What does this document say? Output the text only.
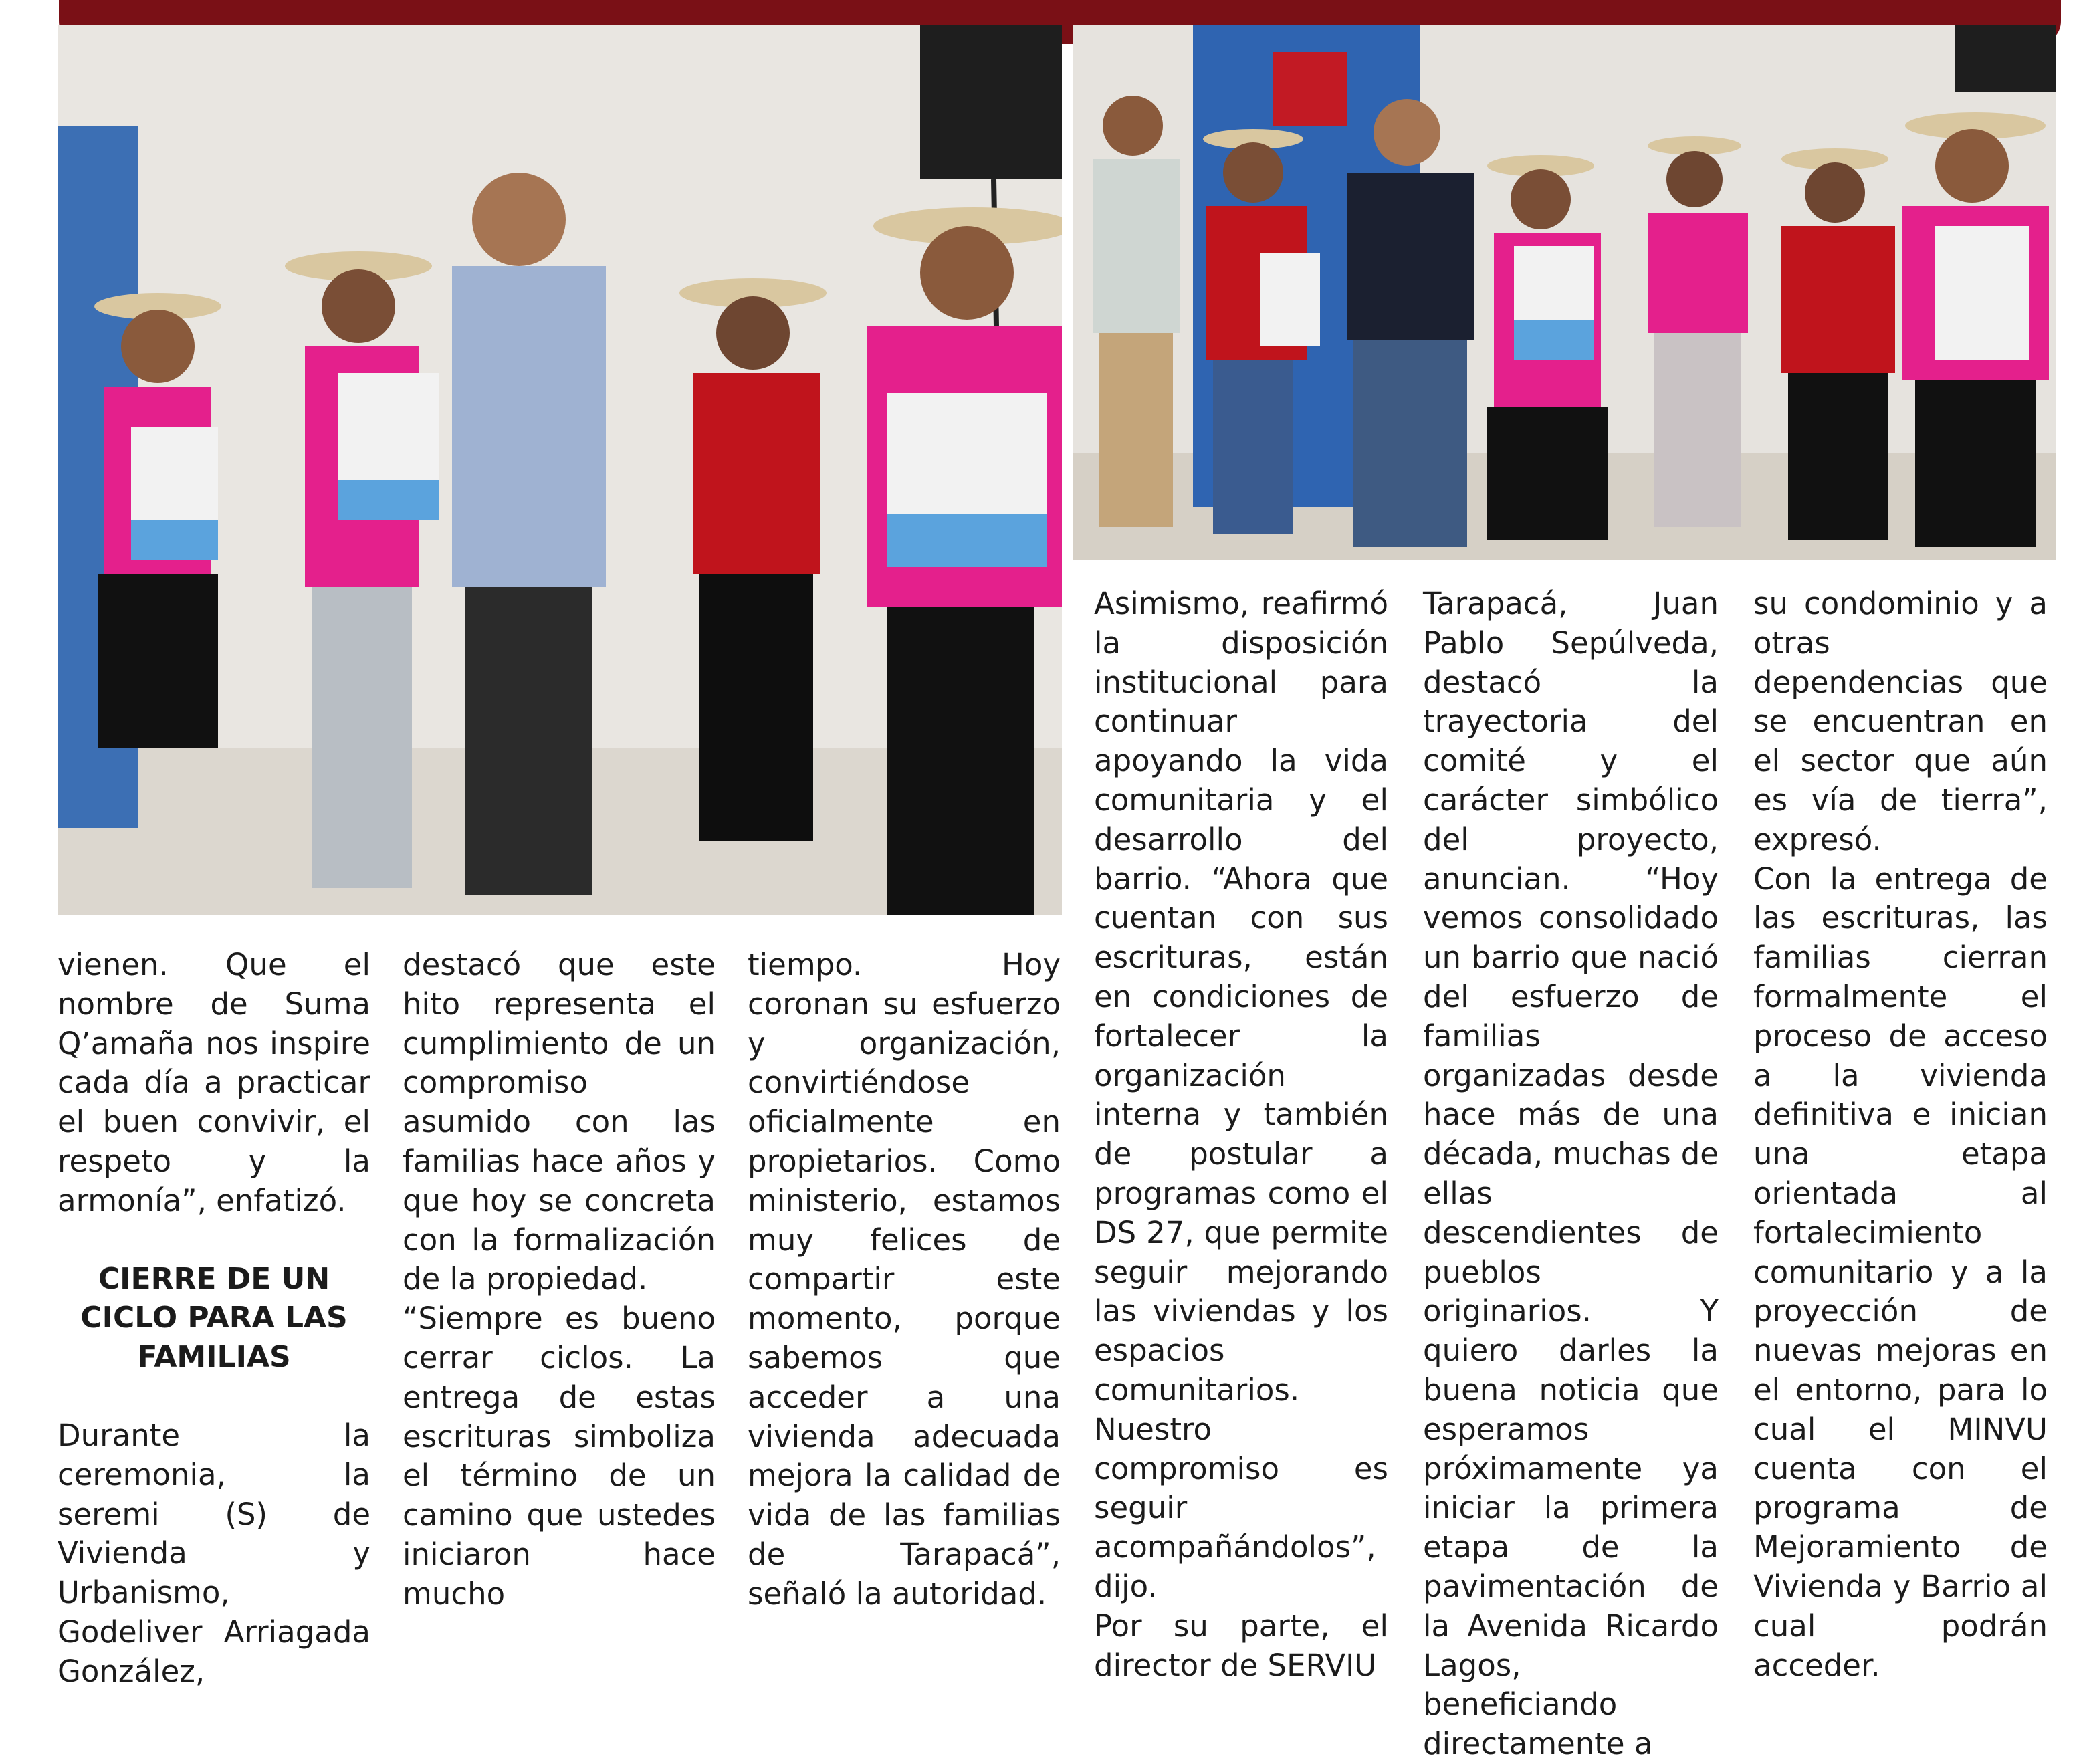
vienen. Que el nombre de Suma Q’amaña nos inspire cada día a practicar el buen convivir, el respeto y la armonía”, enfatizó.

CIERRE DE UN CICLO PARA LAS FAMILIAS

Durante la ceremonia, la seremi (S) de Vivienda y Urbanismo, Godeliver Arriagada González,

destacó que este hito representa el cumplimiento de un compromiso asumido con las familias hace años y que hoy se concreta con la formalización de la propiedad.

“Siempre es bueno cerrar ciclos. La entrega de estas escrituras simboliza el término de un camino que ustedes iniciaron hace mucho

tiempo. Hoy coronan su esfuerzo y organización, convirtiéndose oficialmente en propietarios. Como ministerio, estamos muy felices de compartir este momento, porque sabemos que acceder a una vivienda adecuada mejora la calidad de vida de las familias de Tarapacá”, señaló la autoridad.

Asimismo, reafirmó la disposición institucional para continuar apoyando la vida comunitaria y el desarrollo del barrio. “Ahora que cuentan con sus escrituras, están en condiciones de fortalecer la organización interna y también de postular a programas como el DS 27, que permite seguir mejorando las viviendas y los espacios comunitarios. Nuestro compromiso es seguir acompañándolos”, dijo.

Por su parte, el director de SERVIU

Tarapacá, Juan Pablo Sepúlveda, destacó la trayectoria del comité y el carácter simbólico del proyecto, anuncian. “Hoy vemos consolidado un barrio que nació del esfuerzo de familias organizadas desde hace más de una década, muchas de ellas descendientes de pueblos originarios. Y quiero darles la buena noticia que esperamos próximamente ya iniciar la primera etapa de la pavimentación de la Avenida Ricardo Lagos, beneficiando directamente a

su condominio y a otras dependencias que se encuentran en el sector que aún es vía de tierra”, expresó.

Con la entrega de las escrituras, las familias cierran formalmente el proceso de acceso a la vivienda definitiva e inician una etapa orientada al fortalecimiento comunitario y a la proyección de nuevas mejoras en el entorno, para lo cual el MINVU cuenta con el programa de Mejoramiento de Vivienda y Barrio al cual podrán acceder.
